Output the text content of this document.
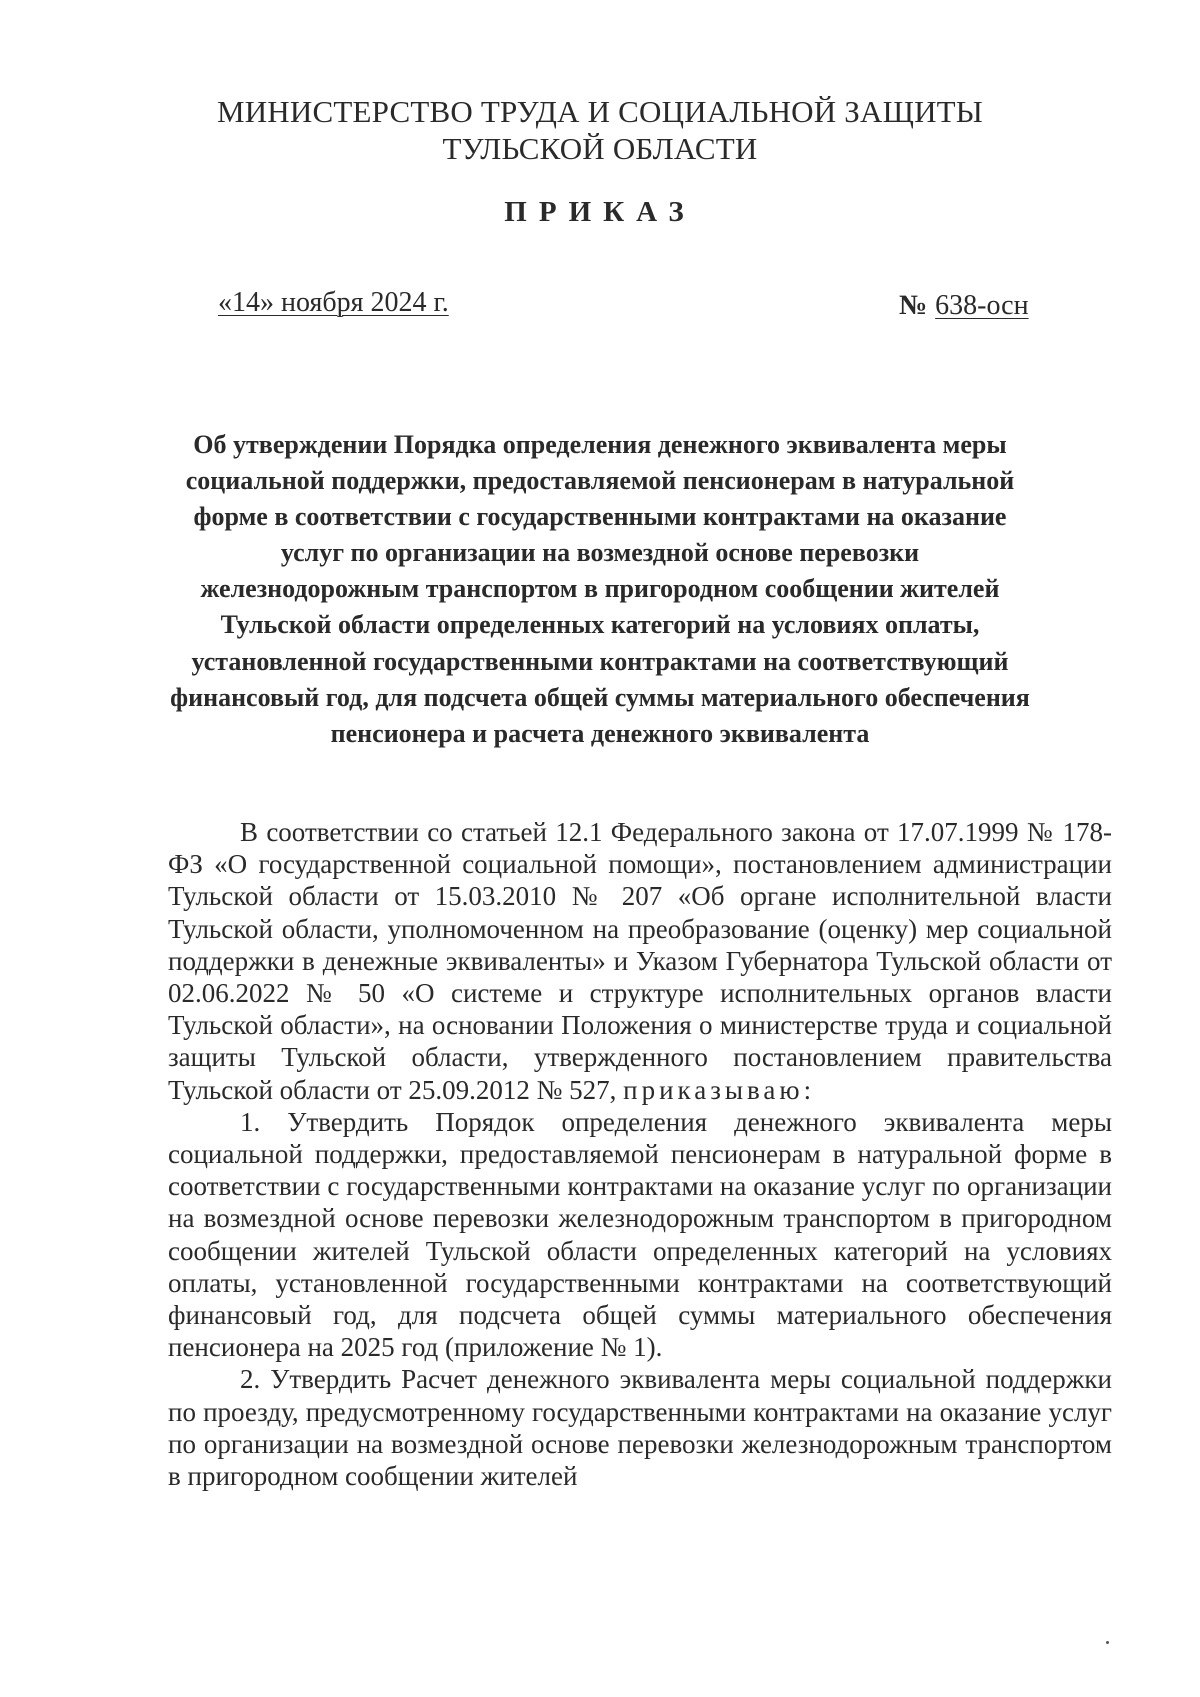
МИНИСТЕРСТВО ТРУДА И СОЦИАЛЬНОЙ ЗАЩИТЫ
ТУЛЬСКОЙ ОБЛАСТИ
ПРИКАЗ
«14» ноября 2024 г.	№ 638-осн
Об утверждении Порядка определения денежного эквивалента меры социальной поддержки, предоставляемой пенсионерам в натуральной форме в соответствии с государственными контрактами на оказание услуг по организации на возмездной основе перевозки железнодорожным транспортом в пригородном сообщении жителей Тульской области определенных категорий на условиях оплаты, установленной государственными контрактами на соответствующий финансовый год, для подсчета общей суммы материального обеспечения пенсионера и расчета денежного эквивалента

В соответствии со статьей 12.1 Федерального закона от 17.07.1999 № 178-ФЗ «О государственной социальной помощи», постановлением администрации Тульской области от 15.03.2010 № 207 «Об органе исполнительной власти Тульской области, уполномоченном на преобразование (оценку) мер социальной поддержки в денежные эквиваленты» и Указом Губернатора Тульской области от 02.06.2022 № 50 «О системе и структуре исполнительных органов власти Тульской области», на основании Положения о министерстве труда и социальной защиты Тульской области, утвержденного постановлением правительства Тульской области от 25.09.2012 № 527, приказываю:

1. Утвердить Порядок определения денежного эквивалента меры социальной поддержки, предоставляемой пенсионерам в натуральной форме в соответствии с государственными контрактами на оказание услуг по организации на возмездной основе перевозки железнодорожным транспортом в пригородном сообщении жителей Тульской области определенных категорий на условиях оплаты, установленной государственными контрактами на соответствующий финансовый год, для подсчета общей суммы материального обеспечения пенсионера на 2025 год (приложение № 1).

2. Утвердить Расчет денежного эквивалента меры социальной поддержки по проезду, предусмотренному государственными контрактами на оказание услуг по организации на возмездной основе перевозки железнодорожным транспортом в пригородном сообщении жителей
